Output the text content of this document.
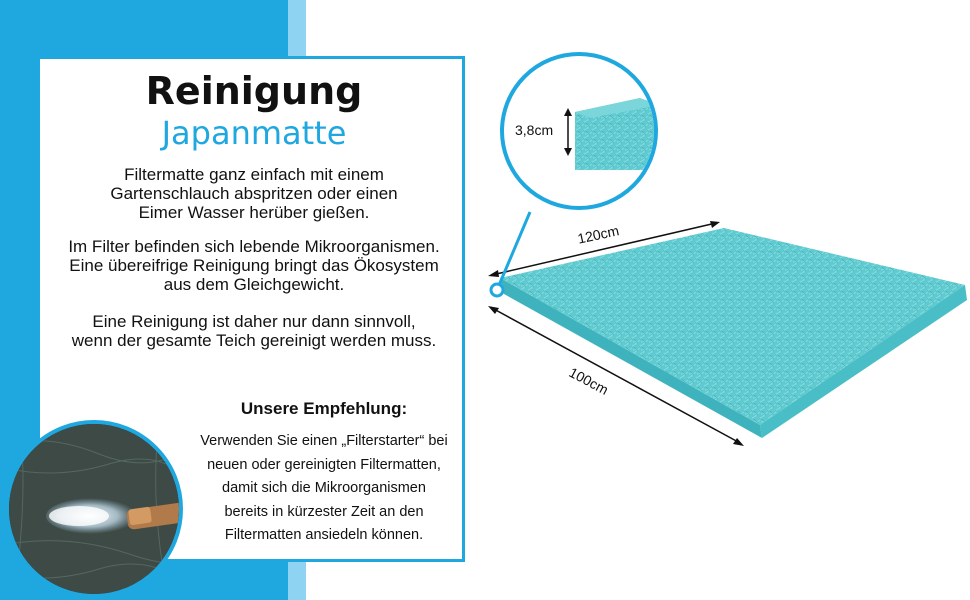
Reinigung
Japanmatte
Filtermatte ganz einfach mit einem
Gartenschlauch abspritzen oder einen
Eimer Wasser herüber gießen.
Im Filter befinden sich lebende Mikroorganismen.
Eine übereifrige Reinigung bringt das Ökosystem
aus dem Gleichgewicht.
Eine Reinigung ist daher nur dann sinnvoll,
wenn der gesamte Teich gereinigt werden muss.
Unsere Empfehlung:
Verwenden Sie einen „Filterstarter“ bei
neuen oder gereinigten Filtermatten,
damit sich die Mikroorganismen
bereits in kürzester Zeit an den
Filtermatten ansiedeln können.
3,8cm
120cm
100cm
